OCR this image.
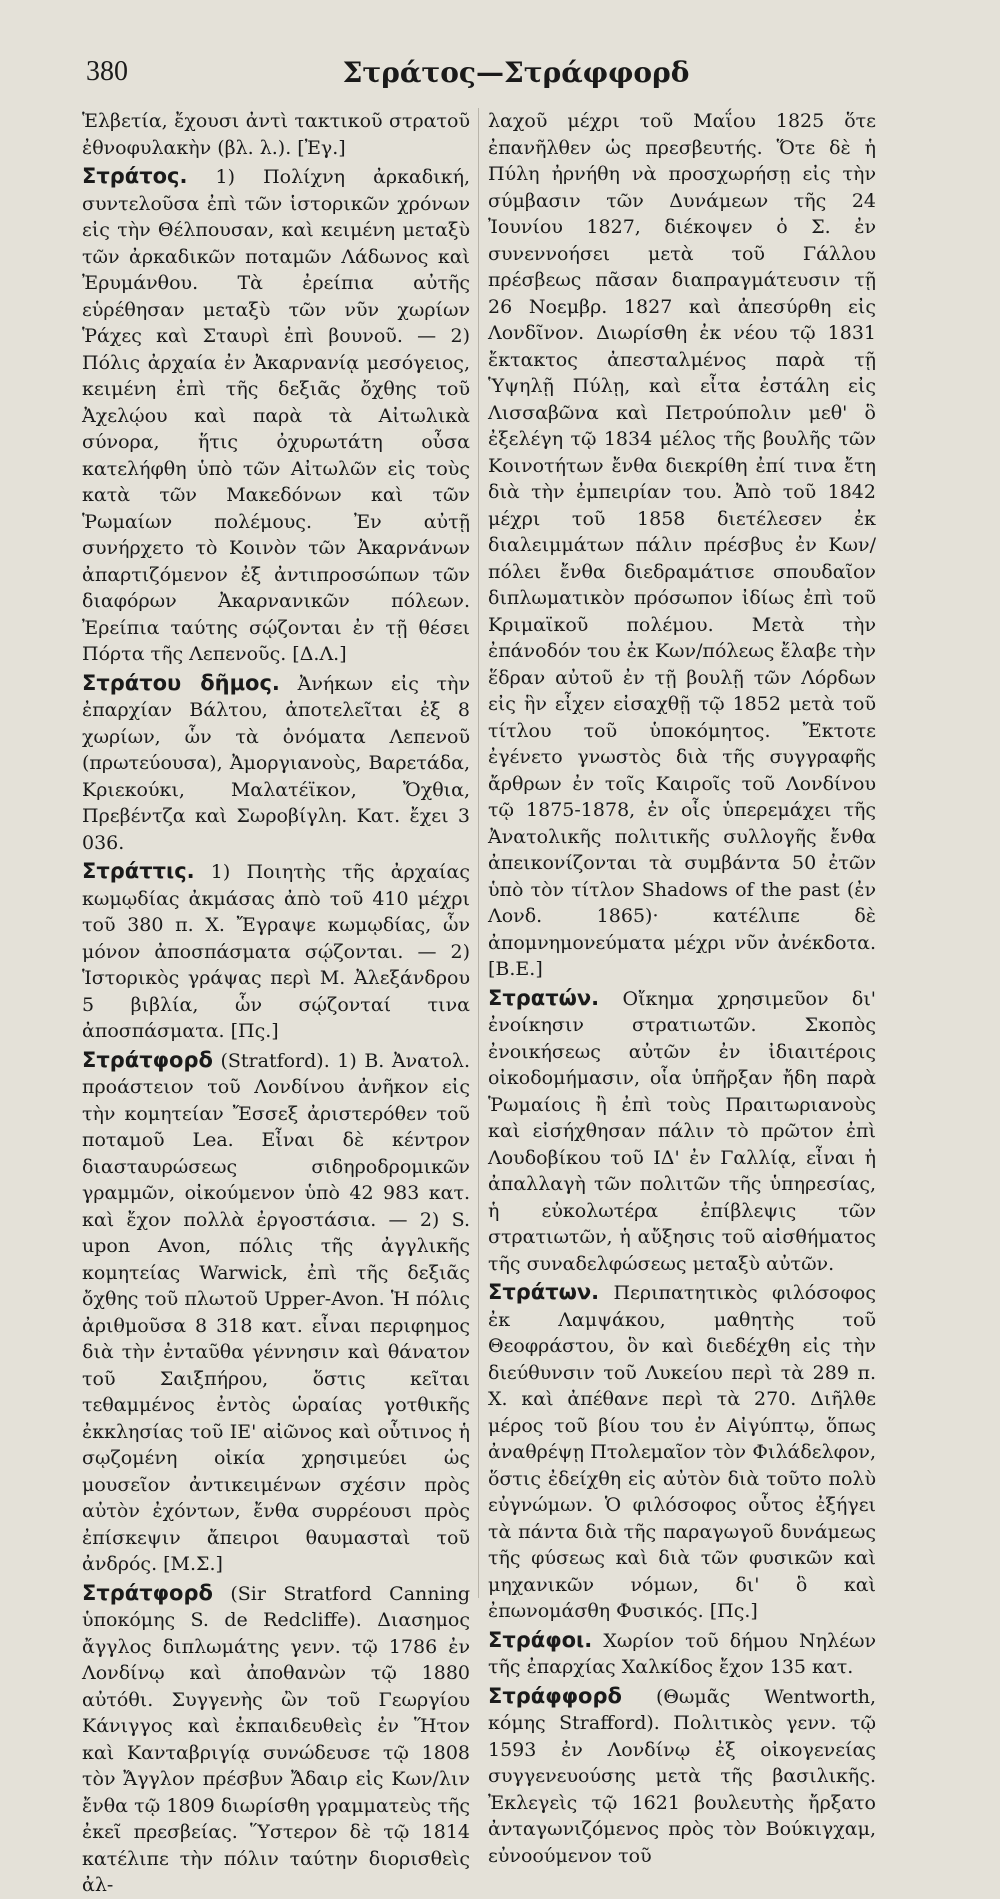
380	Στράτος—Στράφφορδ

Ἑλβετία, ἔχουσι ἀντὶ τακτικοῦ στρατοῦ ἐθνοφυλακὴν (βλ. λ.). [Ἐγ.]

Στράτος. 1) Πολίχνη ἀρκαδική, συντελοῦσα ἐπὶ τῶν ἱστορικῶν χρόνων εἰς τὴν Θέλπουσαν, καὶ κειμένη μεταξὺ τῶν ἀρκαδικῶν ποταμῶν Λάδωνος καὶ Ἐρυμάνθου. Τὰ ἐρείπια αὐτῆς εὑρέθησαν μεταξὺ τῶν νῦν χωρίων Ῥάχες καὶ Σταυρὶ ἐπὶ βουνοῦ. — 2) Πόλις ἀρχαία ἐν Ἀκαρνανίᾳ μεσόγειος, κειμένη ἐπὶ τῆς δεξιᾶς ὄχθης τοῦ Ἀχελῴου καὶ παρὰ τὰ Αἰτωλικὰ σύνορα, ἥτις ὀχυρωτάτη οὖσα κατελήφθη ὑπὸ τῶν Αἰτωλῶν εἰς τοὺς κατὰ τῶν Μακεδόνων καὶ τῶν Ῥωμαίων πολέμους. Ἐν αὐτῇ συνήρχετο τὸ Κοινὸν τῶν Ἀκαρνάνων ἀπαρτιζόμενον ἐξ ἀντιπροσώπων τῶν διαφόρων Ἀκαρνανικῶν πόλεων. Ἐρείπια ταύτης σῴζονται ἐν τῇ θέσει Πόρτα τῆς Λεπενοῦς. [Δ.Λ.]

Στράτου δῆμος. Ἀνήκων εἰς τὴν ἐπαρχίαν Βάλτου, ἀποτελεῖται ἐξ 8 χωρίων, ὧν τὰ ὀνόματα Λεπενοῦ (πρωτεύουσα), Ἀμοργιανοὺς, Βαρετάδα, Κριεκούκι, Μαλατέϊκον, Ὄχθια, Πρεβέντζα καὶ Σωροβίγλη. Κατ. ἔχει 3 036.

Στράττις. 1) Ποιητὴς τῆς ἀρχαίας κωμῳδίας ἀκμάσας ἀπὸ τοῦ 410 μέχρι τοῦ 380 π. Χ. Ἔγραψε κωμῳδίας, ὧν μόνον ἀποσπάσματα σῴζονται. — 2) Ἱστορικὸς γράψας περὶ Μ. Ἀλεξάνδρου 5 βιβλία, ὧν σῴζονταί τινα ἀποσπάσματα. [Πς.]

Στράτφορδ (Stratford). 1) Β. Ἀνατολ. προάστειον τοῦ Λονδίνου ἀνῆκον εἰς τὴν κομητείαν Ἔσσεξ ἀριστερόθεν τοῦ ποταμοῦ Lea. Εἶναι δὲ κέντρον διασταυρώσεως σιδηροδρομικῶν γραμμῶν, οἰκούμενον ὑπὸ 42 983 κατ. καὶ ἔχον πολλὰ ἐργοστάσια. — 2) S. upon Avon, πόλις τῆς ἀγγλικῆς κομητείας Warwick, ἐπὶ τῆς δεξιᾶς ὄχθης τοῦ πλωτοῦ Upper-Avon. Ἡ πόλις ἀριθμοῦσα 8 318 κατ. εἶναι περιφημος διὰ τὴν ἐνταῦθα γέννησιν καὶ θάνατον τοῦ Σαιξπήρου, ὅστις κεῖται τεθαμμένος ἐντὸς ὡραίας γοτθικῆς ἐκκλησίας τοῦ ΙΕ' αἰῶνος καὶ οὗτινος ἡ σῳζομένη οἰκία χρησιμεύει ὡς μουσεῖον ἀντικειμένων σχέσιν πρὸς αὐτὸν ἐχόντων, ἔνθα συρρέουσι πρὸς ἐπίσκεψιν ἄπειροι θαυμασταὶ τοῦ ἀνδρός. [Μ.Σ.]

Στράτφορδ (Sir Stratford Canning ὑποκόμης S. de Redcliffe). Διασημος ἄγγλος διπλωμάτης γενν. τῷ 1786 ἐν Λονδίνῳ καὶ ἀποθανὼν τῷ 1880 αὐτόθι. Συγγενὴς ὢν τοῦ Γεωργίου Κάνιγγος καὶ ἐκπαιδευθεὶς ἐν Ἥτον καὶ Κανταβριγίᾳ συνώδευσε τῷ 1808 τὸν Ἄγγλον πρέσβυν Ἄδαιρ εἰς Κων/λιν ἔνθα τῷ 1809 διωρίσθη γραμματεὺς τῆς ἐκεῖ πρεσβείας. Ὕστερον δὲ τῷ 1814 κατέλιπε τὴν πόλιν ταύτην διορισθεὶς ἀλ-

λαχοῦ μέχρι τοῦ Μαΐου 1825 ὅτε ἐπανῆλθεν ὡς πρεσβευτής. Ὅτε δὲ ἡ Πύλη ἠρνήθη νὰ προσχωρήσῃ εἰς τὴν σύμβασιν τῶν Δυνάμεων τῆς 24 Ἰουνίου 1827, διέκοψεν ὁ Σ. ἐν συνεννοήσει μετὰ τοῦ Γάλλου πρέσβεως πᾶσαν διαπραγμάτευσιν τῇ 26 Νοεμβρ. 1827 καὶ ἀπεσύρθη εἰς Λονδῖνον. Διωρίσθη ἐκ νέου τῷ 1831 ἔκτακτος ἀπεσταλμένος παρὰ τῇ Ὑψηλῇ Πύλῃ, καὶ εἶτα ἐστάλη εἰς Λισσαβῶνα καὶ Πετρούπολιν μεθ' ὃ ἐξελέγη τῷ 1834 μέλος τῆς βουλῆς τῶν Κοινοτήτων ἔνθα διεκρίθη ἐπί τινα ἔτη διὰ τὴν ἐμπειρίαν του. Ἀπὸ τοῦ 1842 μέχρι τοῦ 1858 διετέλεσεν ἐκ διαλειμμάτων πάλιν πρέσβυς ἐν Κων/πόλει ἔνθα διεδραμάτισε σπουδαῖον διπλωματικὸν πρόσωπον ἰδίως ἐπὶ τοῦ Κριμαϊκοῦ πολέμου. Μετὰ τὴν ἐπάνοδόν του ἐκ Κων/πόλεως ἔλαβε τὴν ἕδραν αὐτοῦ ἐν τῇ βουλῇ τῶν Λόρδων εἰς ἣν εἶχεν εἰσαχθῇ τῷ 1852 μετὰ τοῦ τίτλου τοῦ ὑποκόμητος. Ἔκτοτε ἐγένετο γνωστὸς διὰ τῆς συγγραφῆς ἄρθρων ἐν τοῖς Καιροῖς τοῦ Λονδίνου τῷ 1875-1878, ἐν οἷς ὑπερεμάχει τῆς Ἀνατολικῆς πολιτικῆς συλλογῆς ἔνθα ἀπεικονίζονται τὰ συμβάντα 50 ἐτῶν ὑπὸ τὸν τίτλον Shadows of the past (ἐν Λονδ. 1865)· κατέλιπε δὲ ἀπομνημονεύματα μέχρι νῦν ἀνέκδοτα. [Β.Ε.]

Στρατών. Οἴκημα χρησιμεῦον δι' ἐνοίκησιν στρατιωτῶν. Σκοπὸς ἐνοικήσεως αὐτῶν ἐν ἰδιαιτέροις οἰκοδομήμασιν, οἷα ὑπῆρξαν ἤδη παρὰ Ῥωμαίοις ἢ ἐπὶ τοὺς Πραιτωριανοὺς καὶ εἰσήχθησαν πάλιν τὸ πρῶτον ἐπὶ Λουδοβίκου τοῦ ΙΔ' ἐν Γαλλίᾳ, εἶναι ἡ ἀπαλλαγὴ τῶν πολιτῶν τῆς ὑπηρεσίας, ἡ εὐκολωτέρα ἐπίβλεψις τῶν στρατιωτῶν, ἡ αὔξησις τοῦ αἰσθήματος τῆς συναδελφώσεως μεταξὺ αὐτῶν.

Στράτων. Περιπατητικὸς φιλόσοφος ἐκ Λαμψάκου, μαθητὴς τοῦ Θεοφράστου, ὃν καὶ διεδέχθη εἰς τὴν διεύθυνσιν τοῦ Λυκείου περὶ τὰ 289 π. Χ. καὶ ἀπέθανε περὶ τὰ 270. Διῆλθε μέρος τοῦ βίου του ἐν Αἰγύπτῳ, ὅπως ἀναθρέψῃ Πτολεμαῖον τὸν Φιλάδελφον, ὅστις ἐδείχθη εἰς αὐτὸν διὰ τοῦτο πολὺ εὐγνώμων. Ὁ φιλόσοφος οὗτος ἐξήγει τὰ πάντα διὰ τῆς παραγωγοῦ δυνάμεως τῆς φύσεως καὶ διὰ τῶν φυσικῶν καὶ μηχανικῶν νόμων, δι' ὃ καὶ ἐπωνομάσθη Φυσικός. [Πς.]

Στράφοι. Χωρίον τοῦ δήμου Νηλέων τῆς ἐπαρχίας Χαλκίδος ἔχον 135 κατ.

Στράφφορδ (Θωμᾶς Wentworth, κόμης Strafford). Πολιτικὸς γενν. τῷ 1593 ἐν Λονδίνῳ ἐξ οἰκογενείας συγγενευούσης μετὰ τῆς βασιλικῆς. Ἐκλεγεὶς τῷ 1621 βουλευτὴς ἤρξατο ἀνταγωνιζόμενος πρὸς τὸν Βούκιγχαμ, εὐνοούμενον τοῦ
